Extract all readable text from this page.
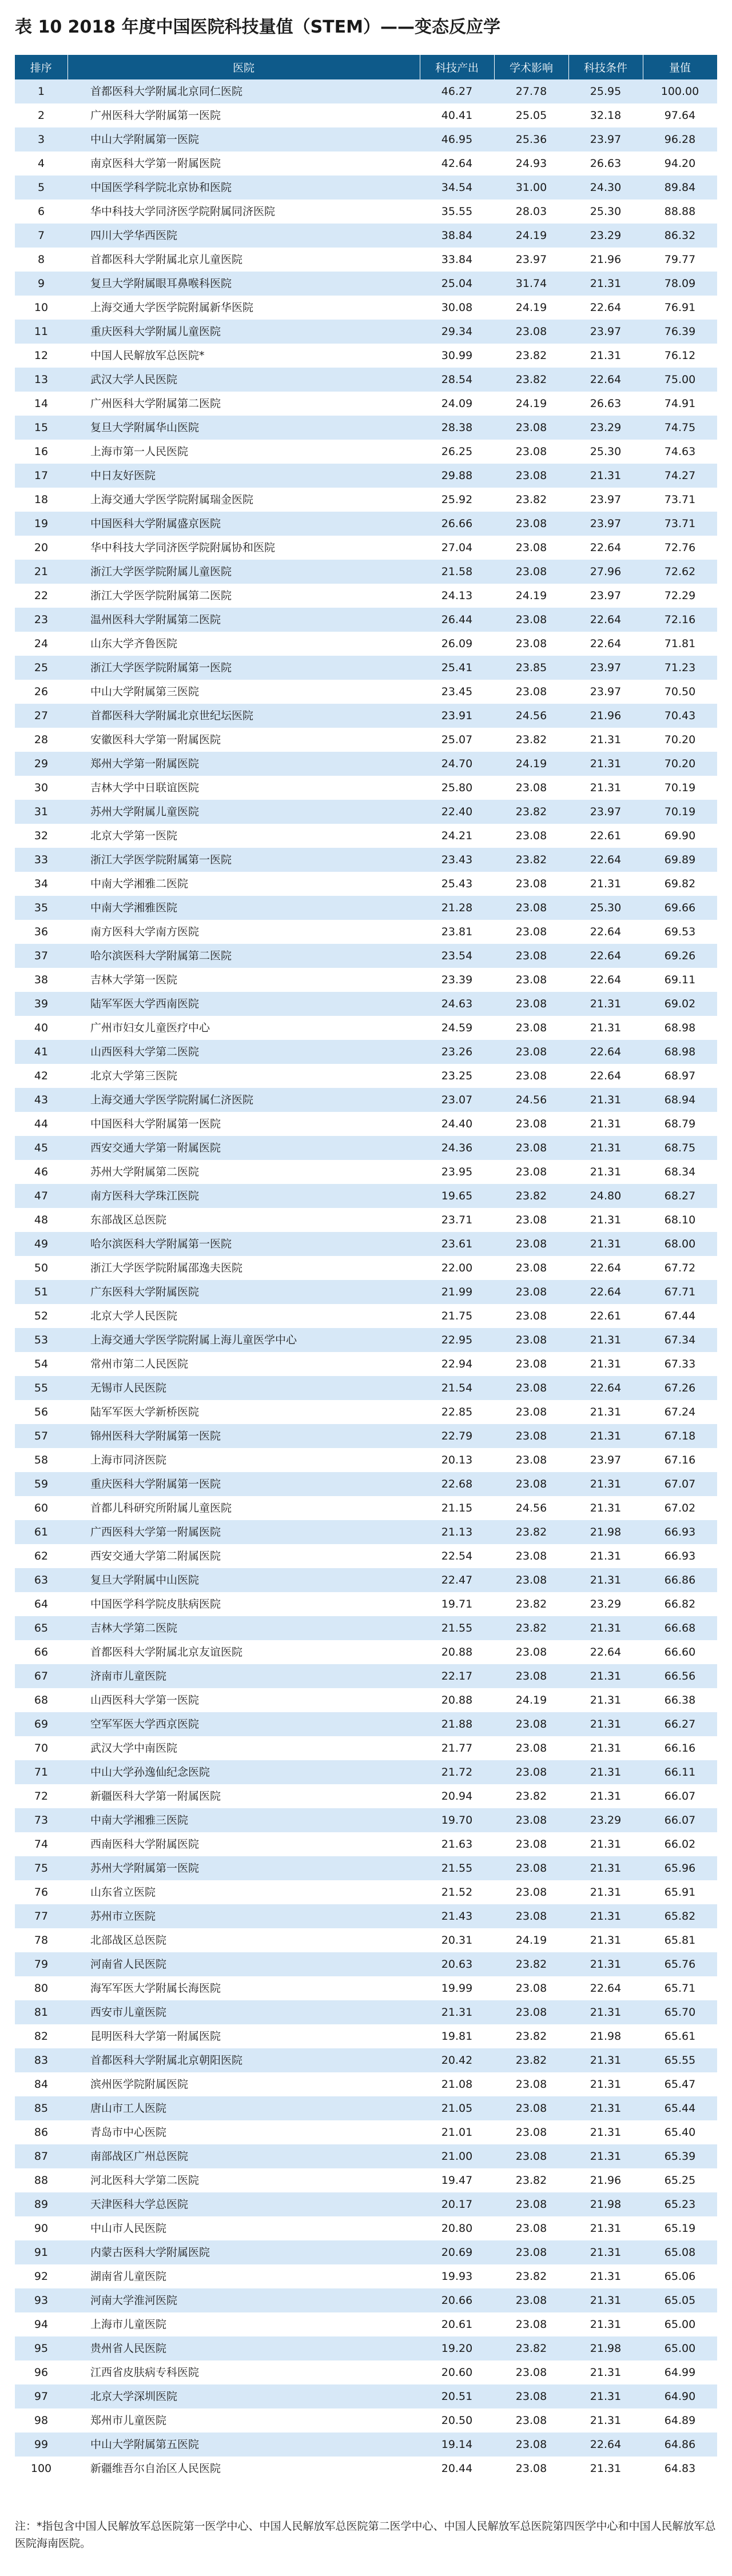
表 10 2018 年度中国医院科技量值（STEM）——变态反应学
排序	医院	科技产出	学术影响	科技条件	量值
1	首都医科大学附属北京同仁医院	46.27	27.78	25.95	100.00
2	广州医科大学附属第一医院	40.41	25.05	32.18	97.64
3	中山大学附属第一医院	46.95	25.36	23.97	96.28
4	南京医科大学第一附属医院	42.64	24.93	26.63	94.20
5	中国医学科学院北京协和医院	34.54	31.00	24.30	89.84
6	华中科技大学同济医学院附属同济医院	35.55	28.03	25.30	88.88
7	四川大学华西医院	38.84	24.19	23.29	86.32
8	首都医科大学附属北京儿童医院	33.84	23.97	21.96	79.77
9	复旦大学附属眼耳鼻喉科医院	25.04	31.74	21.31	78.09
10	上海交通大学医学院附属新华医院	30.08	24.19	22.64	76.91
11	重庆医科大学附属儿童医院	29.34	23.08	23.97	76.39
12	中国人民解放军总医院*	30.99	23.82	21.31	76.12
13	武汉大学人民医院	28.54	23.82	22.64	75.00
14	广州医科大学附属第二医院	24.09	24.19	26.63	74.91
15	复旦大学附属华山医院	28.38	23.08	23.29	74.75
16	上海市第一人民医院	26.25	23.08	25.30	74.63
17	中日友好医院	29.88	23.08	21.31	74.27
18	上海交通大学医学院附属瑞金医院	25.92	23.82	23.97	73.71
19	中国医科大学附属盛京医院	26.66	23.08	23.97	73.71
20	华中科技大学同济医学院附属协和医院	27.04	23.08	22.64	72.76
21	浙江大学医学院附属儿童医院	21.58	23.08	27.96	72.62
22	浙江大学医学院附属第二医院	24.13	24.19	23.97	72.29
23	温州医科大学附属第二医院	26.44	23.08	22.64	72.16
24	山东大学齐鲁医院	26.09	23.08	22.64	71.81
25	浙江大学医学院附属第一医院	25.41	23.85	23.97	71.23
26	中山大学附属第三医院	23.45	23.08	23.97	70.50
27	首都医科大学附属北京世纪坛医院	23.91	24.56	21.96	70.43
28	安徽医科大学第一附属医院	25.07	23.82	21.31	70.20
29	郑州大学第一附属医院	24.70	24.19	21.31	70.20
30	吉林大学中日联谊医院	25.80	23.08	21.31	70.19
31	苏州大学附属儿童医院	22.40	23.82	23.97	70.19
32	北京大学第一医院	24.21	23.08	22.61	69.90
33	浙江大学医学院附属第一医院	23.43	23.82	22.64	69.89
34	中南大学湘雅二医院	25.43	23.08	21.31	69.82
35	中南大学湘雅医院	21.28	23.08	25.30	69.66
36	南方医科大学南方医院	23.81	23.08	22.64	69.53
37	哈尔滨医科大学附属第二医院	23.54	23.08	22.64	69.26
38	吉林大学第一医院	23.39	23.08	22.64	69.11
39	陆军军医大学西南医院	24.63	23.08	21.31	69.02
40	广州市妇女儿童医疗中心	24.59	23.08	21.31	68.98
41	山西医科大学第二医院	23.26	23.08	22.64	68.98
42	北京大学第三医院	23.25	23.08	22.64	68.97
43	上海交通大学医学院附属仁济医院	23.07	24.56	21.31	68.94
44	中国医科大学附属第一医院	24.40	23.08	21.31	68.79
45	西安交通大学第一附属医院	24.36	23.08	21.31	68.75
46	苏州大学附属第二医院	23.95	23.08	21.31	68.34
47	南方医科大学珠江医院	19.65	23.82	24.80	68.27
48	东部战区总医院	23.71	23.08	21.31	68.10
49	哈尔滨医科大学附属第一医院	23.61	23.08	21.31	68.00
50	浙江大学医学院附属邵逸夫医院	22.00	23.08	22.64	67.72
51	广东医科大学附属医院	21.99	23.08	22.64	67.71
52	北京大学人民医院	21.75	23.08	22.61	67.44
53	上海交通大学医学院附属上海儿童医学中心	22.95	23.08	21.31	67.34
54	常州市第二人民医院	22.94	23.08	21.31	67.33
55	无锡市人民医院	21.54	23.08	22.64	67.26
56	陆军军医大学新桥医院	22.85	23.08	21.31	67.24
57	锦州医科大学附属第一医院	22.79	23.08	21.31	67.18
58	上海市同济医院	20.13	23.08	23.97	67.16
59	重庆医科大学附属第一医院	22.68	23.08	21.31	67.07
60	首都儿科研究所附属儿童医院	21.15	24.56	21.31	67.02
61	广西医科大学第一附属医院	21.13	23.82	21.98	66.93
62	西安交通大学第二附属医院	22.54	23.08	21.31	66.93
63	复旦大学附属中山医院	22.47	23.08	21.31	66.86
64	中国医学科学院皮肤病医院	19.71	23.82	23.29	66.82
65	吉林大学第二医院	21.55	23.82	21.31	66.68
66	首都医科大学附属北京友谊医院	20.88	23.08	22.64	66.60
67	济南市儿童医院	22.17	23.08	21.31	66.56
68	山西医科大学第一医院	20.88	24.19	21.31	66.38
69	空军军医大学西京医院	21.88	23.08	21.31	66.27
70	武汉大学中南医院	21.77	23.08	21.31	66.16
71	中山大学孙逸仙纪念医院	21.72	23.08	21.31	66.11
72	新疆医科大学第一附属医院	20.94	23.82	21.31	66.07
73	中南大学湘雅三医院	19.70	23.08	23.29	66.07
74	西南医科大学附属医院	21.63	23.08	21.31	66.02
75	苏州大学附属第一医院	21.55	23.08	21.31	65.96
76	山东省立医院	21.52	23.08	21.31	65.91
77	苏州市立医院	21.43	23.08	21.31	65.82
78	北部战区总医院	20.31	24.19	21.31	65.81
79	河南省人民医院	20.63	23.82	21.31	65.76
80	海军军医大学附属长海医院	19.99	23.08	22.64	65.71
81	西安市儿童医院	21.31	23.08	21.31	65.70
82	昆明医科大学第一附属医院	19.81	23.82	21.98	65.61
83	首都医科大学附属北京朝阳医院	20.42	23.82	21.31	65.55
84	滨州医学院附属医院	21.08	23.08	21.31	65.47
85	唐山市工人医院	21.05	23.08	21.31	65.44
86	青岛市中心医院	21.01	23.08	21.31	65.40
87	南部战区广州总医院	21.00	23.08	21.31	65.39
88	河北医科大学第二医院	19.47	23.82	21.96	65.25
89	天津医科大学总医院	20.17	23.08	21.98	65.23
90	中山市人民医院	20.80	23.08	21.31	65.19
91	内蒙古医科大学附属医院	20.69	23.08	21.31	65.08
92	湖南省儿童医院	19.93	23.82	21.31	65.06
93	河南大学淮河医院	20.66	23.08	21.31	65.05
94	上海市儿童医院	20.61	23.08	21.31	65.00
95	贵州省人民医院	19.20	23.82	21.98	65.00
96	江西省皮肤病专科医院	20.60	23.08	21.31	64.99
97	北京大学深圳医院	20.51	23.08	21.31	64.90
98	郑州市儿童医院	20.50	23.08	21.31	64.89
99	中山大学附属第五医院	19.14	23.08	22.64	64.86
100	新疆维吾尔自治区人民医院	20.44	23.08	21.31	64.83
注：*指包含中国人民解放军总医院第一医学中心、中国人民解放军总医院第二医学中心、中国人民解放军总医院第四医学中心和中国人民解放军总医院海南医院。
